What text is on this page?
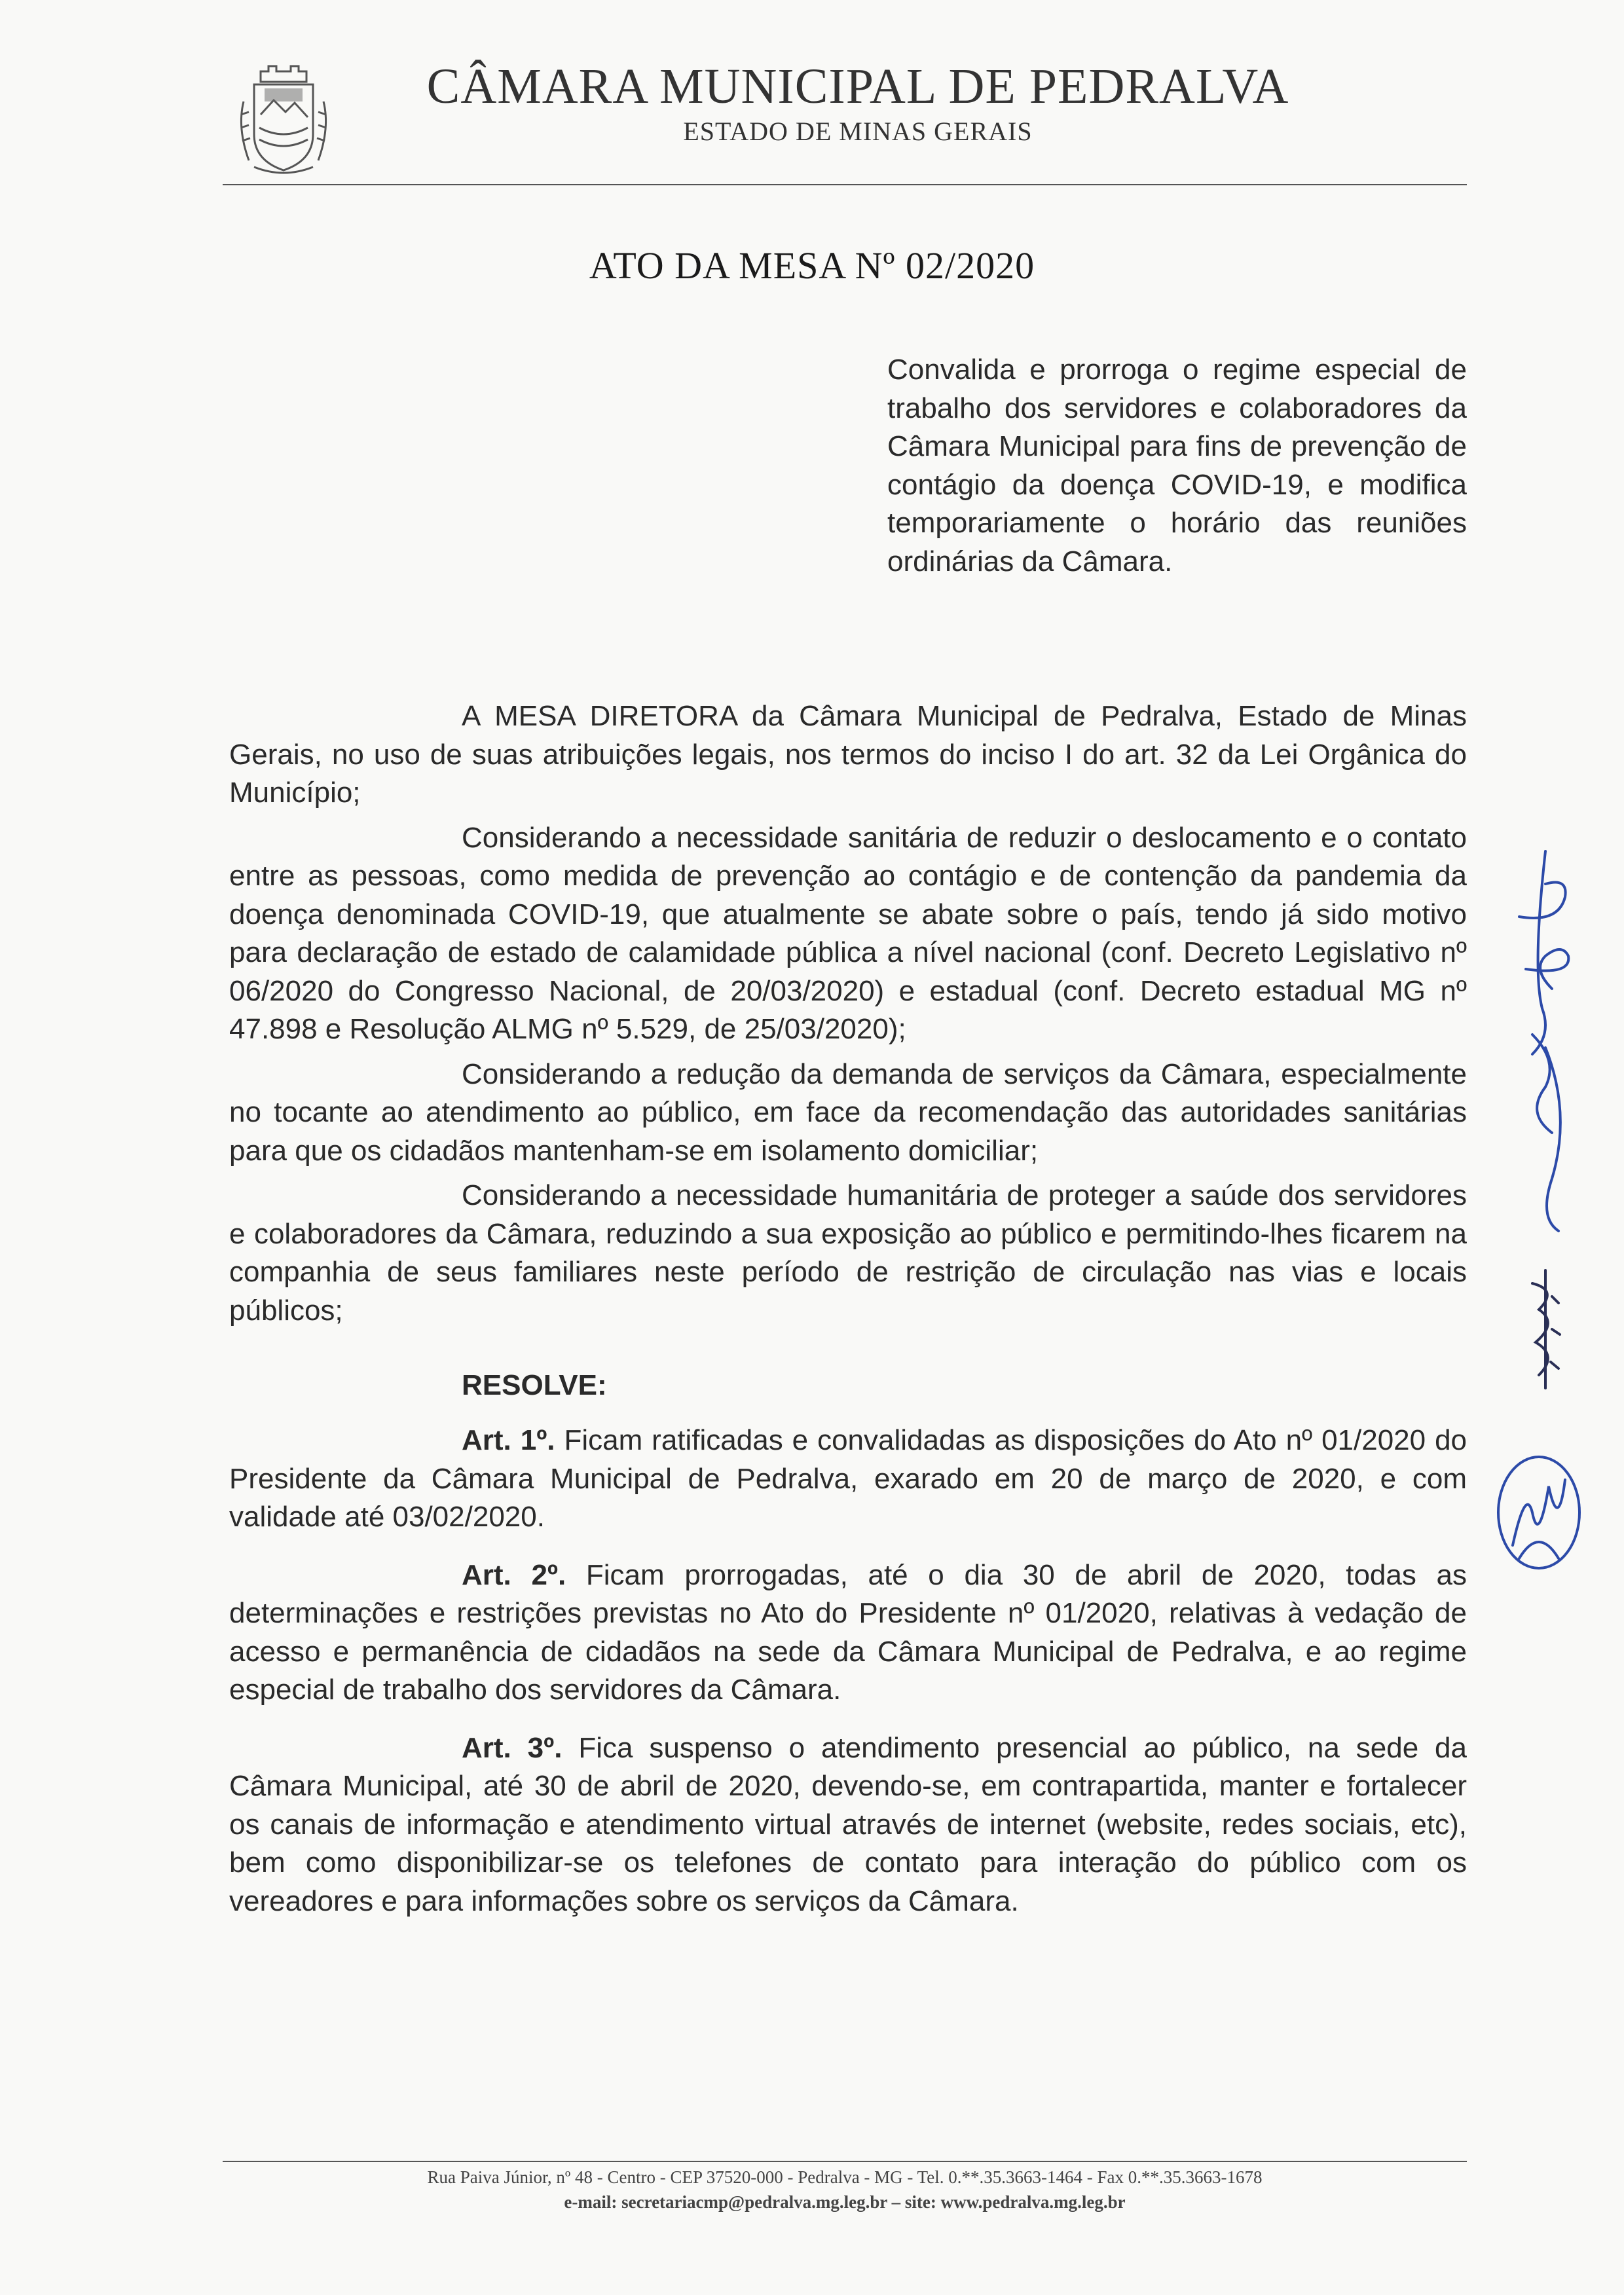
CÂMARA MUNICIPAL DE PEDRALVA
ESTADO DE MINAS GERAIS
ATO DA MESA Nº 02/2020
Convalida e prorroga o regime especial de trabalho dos servidores e colaboradores da Câmara Municipal para fins de prevenção de contágio da doença COVID-19, e modifica temporariamente o horário das reuniões ordinárias da Câmara.

A MESA DIRETORA da Câmara Municipal de Pedralva, Estado de Minas Gerais, no uso de suas atribuições legais, nos termos do inciso I do art. 32 da Lei Orgânica do Município;

Considerando a necessidade sanitária de reduzir o deslocamento e o contato entre as pessoas, como medida de prevenção ao contágio e de contenção da pandemia da doença denominada COVID-19, que atualmente se abate sobre o país, tendo já sido motivo para declaração de estado de calamidade pública a nível nacional (conf. Decreto Legislativo nº 06/2020 do Congresso Nacional, de 20/03/2020) e estadual (conf. Decreto estadual MG nº 47.898 e Resolução ALMG nº 5.529, de 25/03/2020);

Considerando a redução da demanda de serviços da Câmara, especialmente no tocante ao atendimento ao público, em face da recomendação das autoridades sanitárias para que os cidadãos mantenham-se em isolamento domiciliar;

Considerando a necessidade humanitária de proteger a saúde dos servidores e colaboradores da Câmara, reduzindo a sua exposição ao público e permitindo-lhes ficarem na companhia de seus familiares neste período de restrição de circulação nas vias e locais públicos;

RESOLVE:

Art. 1º. Ficam ratificadas e convalidadas as disposições do Ato nº 01/2020 do Presidente da Câmara Municipal de Pedralva, exarado em 20 de março de 2020, e com validade até 03/02/2020.

Art. 2º. Ficam prorrogadas, até o dia 30 de abril de 2020, todas as determinações e restrições previstas no Ato do Presidente nº 01/2020, relativas à vedação de acesso e permanência de cidadãos na sede da Câmara Municipal de Pedralva, e ao regime especial de trabalho dos servidores da Câmara.

Art. 3º. Fica suspenso o atendimento presencial ao público, na sede da Câmara Municipal, até 30 de abril de 2020, devendo-se, em contrapartida, manter e fortalecer os canais de informação e atendimento virtual através de internet (website, redes sociais, etc), bem como disponibilizar-se os telefones de contato para interação do público com os vereadores e para informações sobre os serviços da Câmara.

Rua Paiva Júnior, nº 48 - Centro - CEP 37520-000 - Pedralva - MG - Tel. 0.**.35.3663-1464 - Fax 0.**.35.3663-1678
e-mail: secretariacmp@pedralva.mg.leg.br – site: www.pedralva.mg.leg.br
